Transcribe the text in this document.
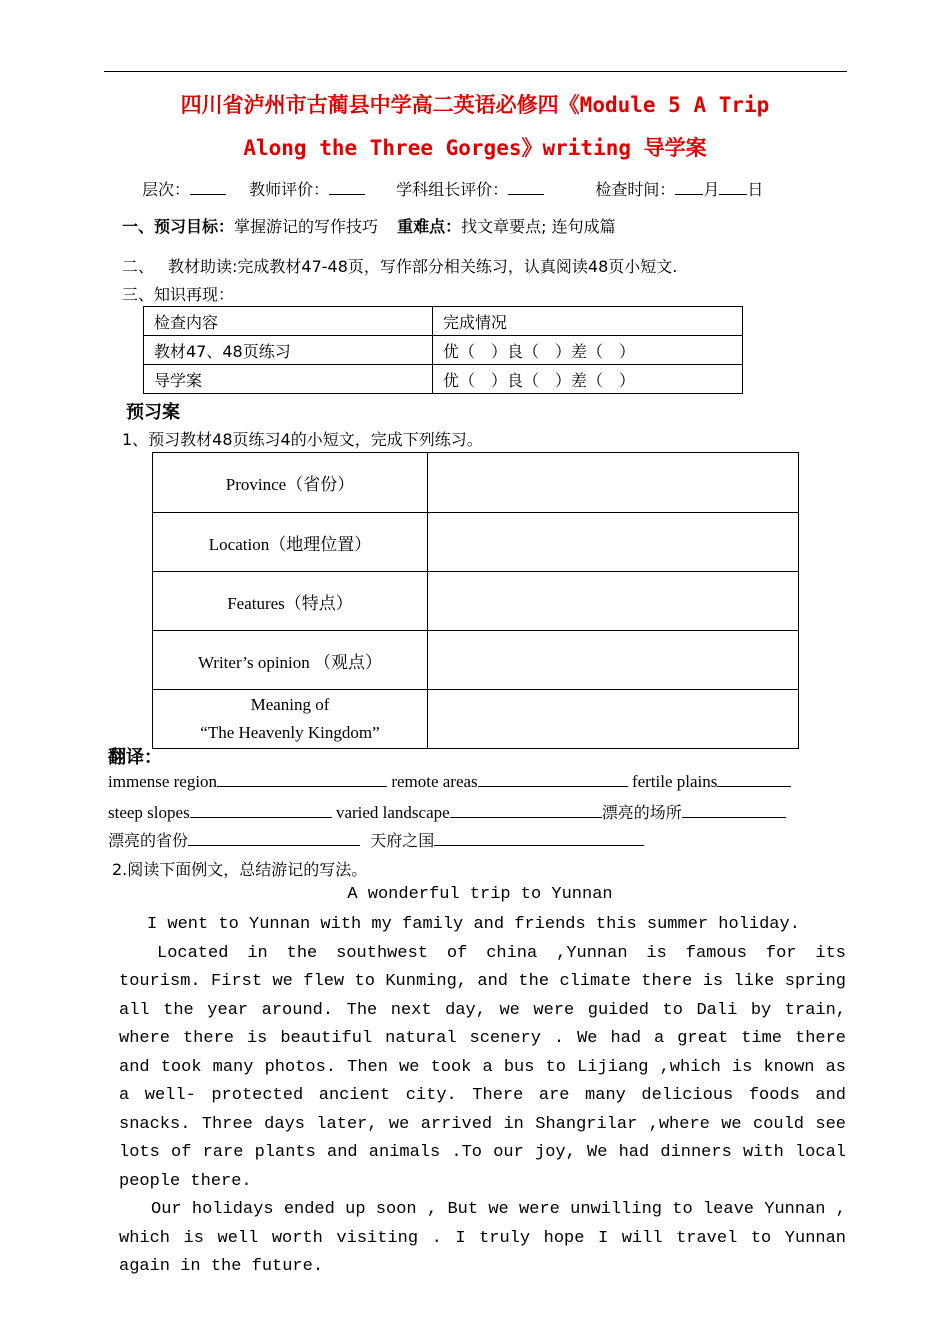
四川省泸州市古蔺县中学高二英语必修四《Module 5 A Trip
Along the Three Gorges》writing 导学案
层次：	教师评价：	学科组长评价：	检查时间： 月 日
一、预习目标：掌握游记的写作技巧 重难点：找文章要点; 连句成篇
二、 教材助读:完成教材47-48页，写作部分相关练习，认真阅读48页小短文.
三、知识再现：
检查内容	完成情况
教材47、48页练习	优（　）良（　）差（　）
导学案	优（　）良（　）差（　）
预习案
1、预习教材48页练习4的小短文，完成下列练习。
Province（省份）	
Location（地理位置）	
Features（特点）	
Writer’s opinion （观点）	

Meaning of
“The Heavenly Kingdom”	

翻译：
immense region	remote areas	fertile plains
steep slopes	varied landscape	漂亮的场所
漂亮的省份	天府之国
2.阅读下面例文，总结游记的写法。
A wonderful trip to Yunnan

I went to Yunnan with my family and friends this summer holiday.

Located in the southwest of china ,Yunnan is famous for its tourism. First we flew to Kunming, and the climate there is like spring all the year around. The next day, we were guided to Dali by train, where there is beautiful natural scenery . We had a great time there and took many photos. Then we took a bus to Lijiang ,which is known as a well- protected ancient city. There are many delicious foods and snacks. Three days later, we arrived in Shangrilar ,where we could see lots of rare plants and animals .To our joy, We had dinners with local people there.

Our holidays ended up soon , But we were unwilling to leave Yunnan , which is well worth visiting . I truly hope I will travel to Yunnan again in the future.
